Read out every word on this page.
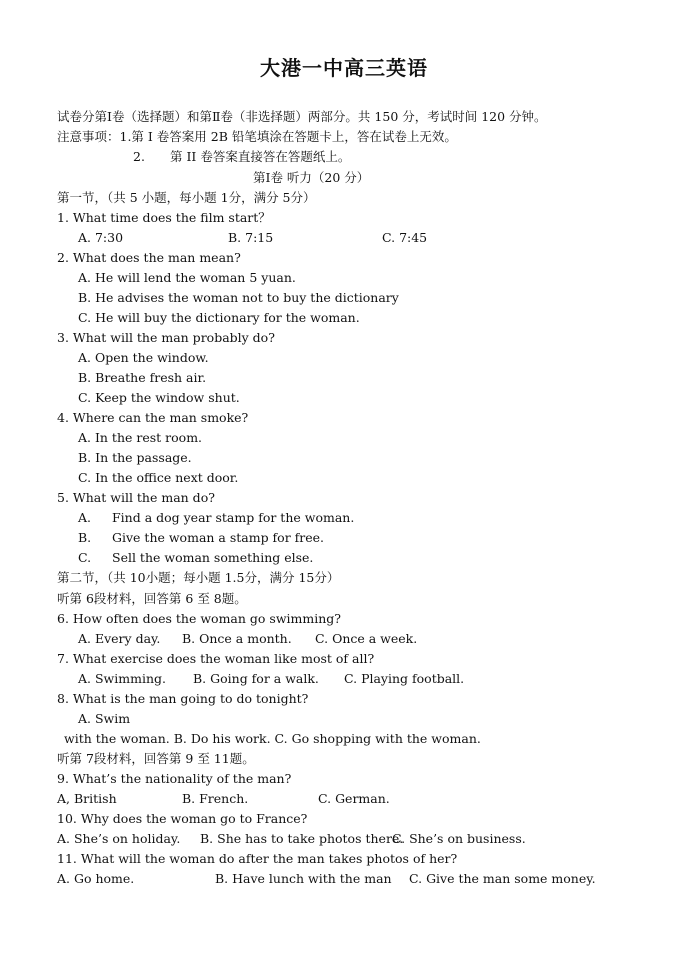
大港一中高三英语
试卷分第Ⅰ卷（选择题）和第Ⅱ卷（非选择题）两部分。共 150 分，考试时间 120 分钟。
注意事项：1.第 I 卷答案用 2B 铅笔填涂在答题卡上，答在试卷上无效。
2. 第 II 卷答案直接答在答题纸上。
第Ⅰ卷 听力（20 分）
第一节，（共 5 小题，每小题 1分，满分 5分）
1. What time does the film start？
A. 7:30	B. 7:15	C. 7:45
2. What does the man mean?
A. He will lend the woman 5 yuan.
B. He advises the woman not to buy the dictionary
C. He will buy the dictionary for the woman.
3. What will the man probably do?
A. Open the window.
B. Breathe fresh air.
C. Keep the window shut.
4. Where can the man smoke?
A. In the rest room.
B. In the passage.
C. In the office next door.
5. What will the man do?
A. Find a dog year stamp for the woman.
B. Give the woman a stamp for free.
C. Sell the woman something else.
第二节，（共 10小题；每小题 1.5分，满分 15分）
听第 6段材料，回答第 6 至 8题。
6. How often does the woman go swimming?
A. Every day. B. Once a month. C. Once a week.
7. What exercise does the woman like most of all?
A. Swimming. B. Going for a walk. C. Playing football.
8. What is the man going to do tonight?
A. Swim
with the woman. B. Do his work. C. Go shopping with the woman.
听第 7段材料，回答第 9 至 11题。
9. What’s the nationality of the man?
A, British	B. French.	C. German.
10. Why does the woman go to France?
A. She’s on holiday. B. She has to take photos there.
C. She’s on business.
11. What will the woman do after the man takes photos of her?
A. Go home.	B. Have lunch with the man C. Give the man some money.
